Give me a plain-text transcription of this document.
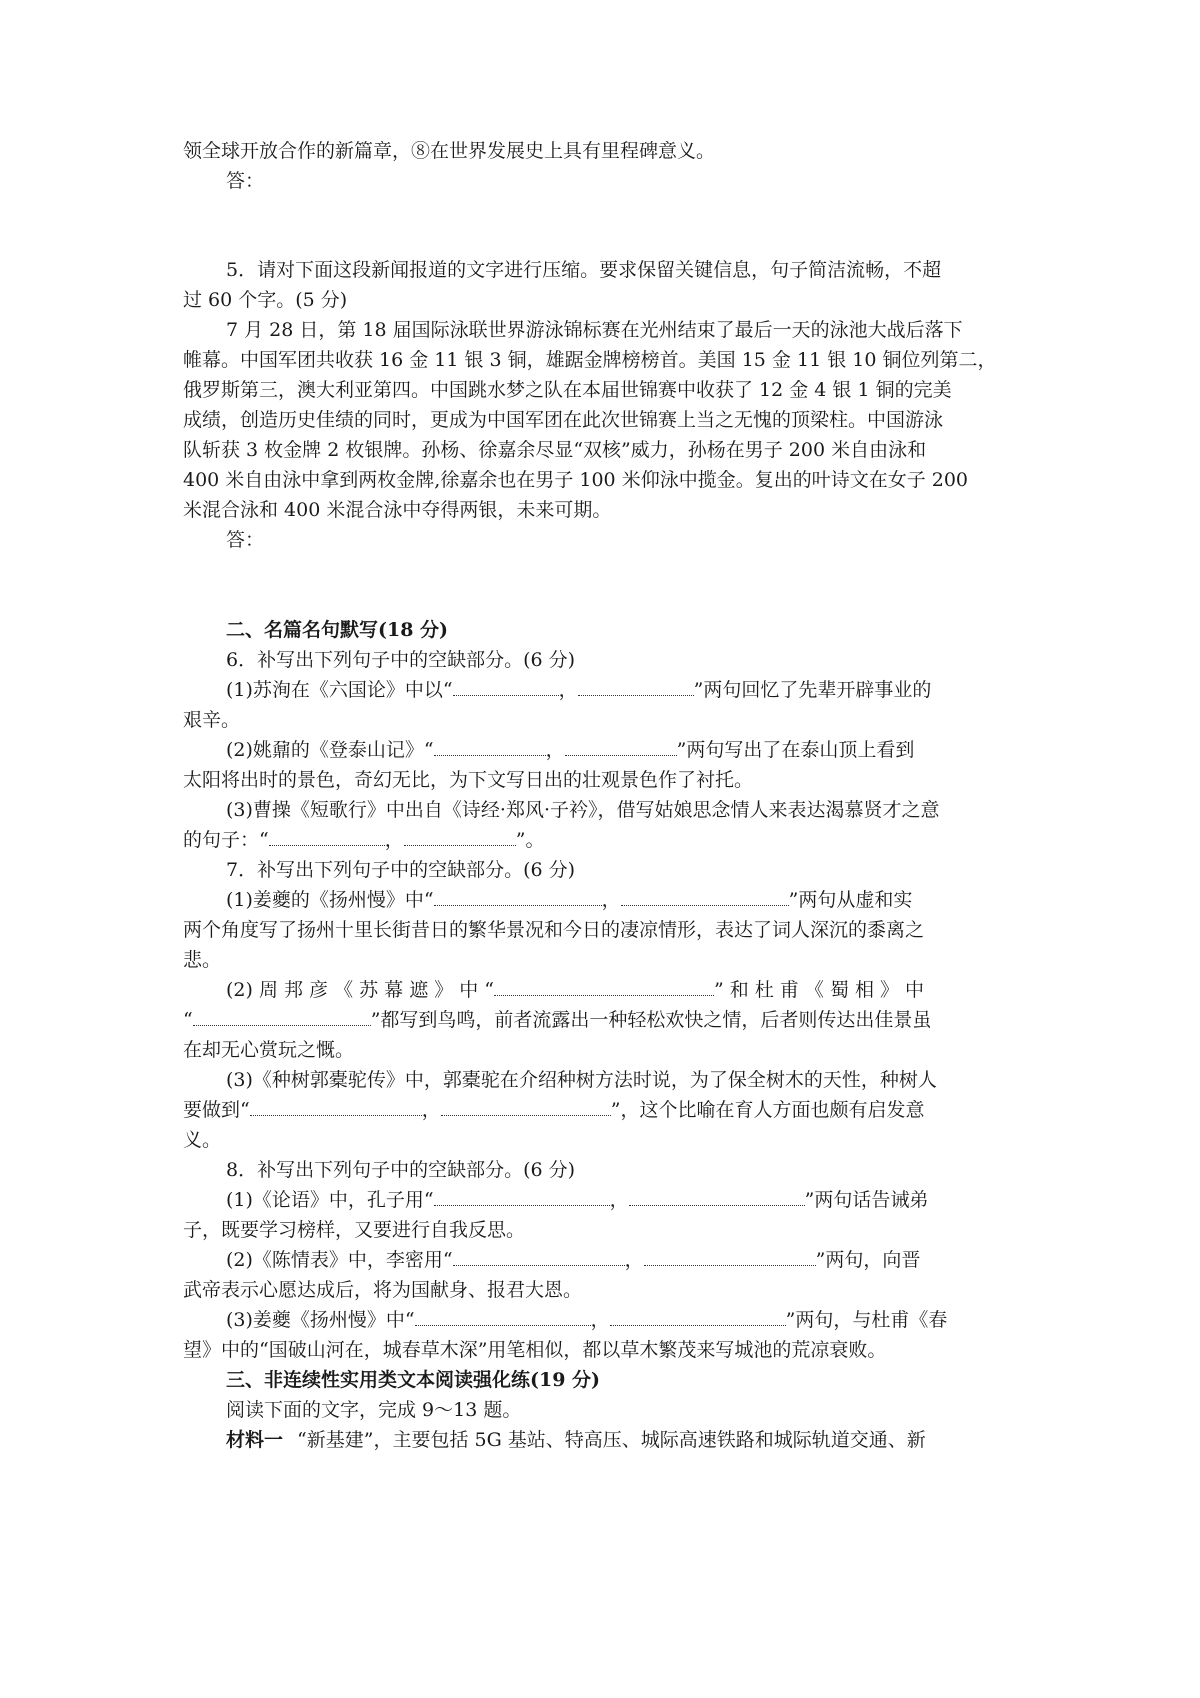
领全球开放合作的新篇章，⑧在世界发展史上具有里程碑意义。
答：
5．请对下面这段新闻报道的文字进行压缩。要求保留关键信息，句子简洁流畅，不超
过 60 个字。(5 分)
7 月 28 日，第 18 届国际泳联世界游泳锦标赛在光州结束了最后一天的泳池大战后落下
帷幕。中国军团共收获 16 金 11 银 3 铜，雄踞金牌榜榜首。美国 15 金 11 银 10 铜位列第二，
俄罗斯第三，澳大利亚第四。中国跳水梦之队在本届世锦赛中收获了 12 金 4 银 1 铜的完美
成绩，创造历史佳绩的同时，更成为中国军团在此次世锦赛上当之无愧的顶梁柱。中国游泳
队斩获 3 枚金牌 2 枚银牌。孙杨、徐嘉余尽显“双核”威力，孙杨在男子 200 米自由泳和
400 米自由泳中拿到两枚金牌,徐嘉余也在男子 100 米仰泳中揽金。复出的叶诗文在女子 200
米混合泳和 400 米混合泳中夺得两银，未来可期。
答：
二、名篇名句默写(18 分)
6．补写出下列句子中的空缺部分。(6 分)
(1)苏洵在《六国论》中以“	，	”两句回忆了先辈开辟事业的
艰辛。
(2)姚鼐的《登泰山记》“	，	”两句写出了在泰山顶上看到
太阳将出时的景色，奇幻无比，为下文写日出的壮观景色作了衬托。
(3)曹操《短歌行》中出自《诗经·郑风·子衿》，借写姑娘思念情人来表达渴慕贤才之意
的句子：“	，	”。
7．补写出下列句子中的空缺部分。(6 分)
(1)姜夔的《扬州慢》中“	，	”两句从虚和实
两个角度写了扬州十里长街昔日的繁华景况和今日的凄凉情形，表达了词人深沉的黍离之
悲。
(2) 周 邦 彦 《 苏 幕 遮 》 中 “	” 和 杜 甫 《 蜀 相 》 中
“	”都写到鸟鸣，前者流露出一种轻松欢快之情，后者则传达出佳景虽
在却无心赏玩之慨。
(3)《种树郭橐驼传》中，郭橐驼在介绍种树方法时说，为了保全树木的天性，种树人
要做到“	，	”，这个比喻在育人方面也颇有启发意
义。
8．补写出下列句子中的空缺部分。(6 分)
(1)《论语》中，孔子用“	，	”两句话告诫弟
子，既要学习榜样，又要进行自我反思。
(2)《陈情表》中，李密用“	，	”两句，向晋
武帝表示心愿达成后，将为国献身、报君大恩。
(3)姜夔《扬州慢》中“	，	”两句，与杜甫《春
望》中的“国破山河在，城春草木深”用笔相似，都以草木繁茂来写城池的荒凉衰败。
三、非连续性实用类文本阅读强化练(19 分)
阅读下面的文字，完成 9～13 题。
材料一 “新基建”，主要包括 5G 基站、特高压、城际高速铁路和城际轨道交通、新
